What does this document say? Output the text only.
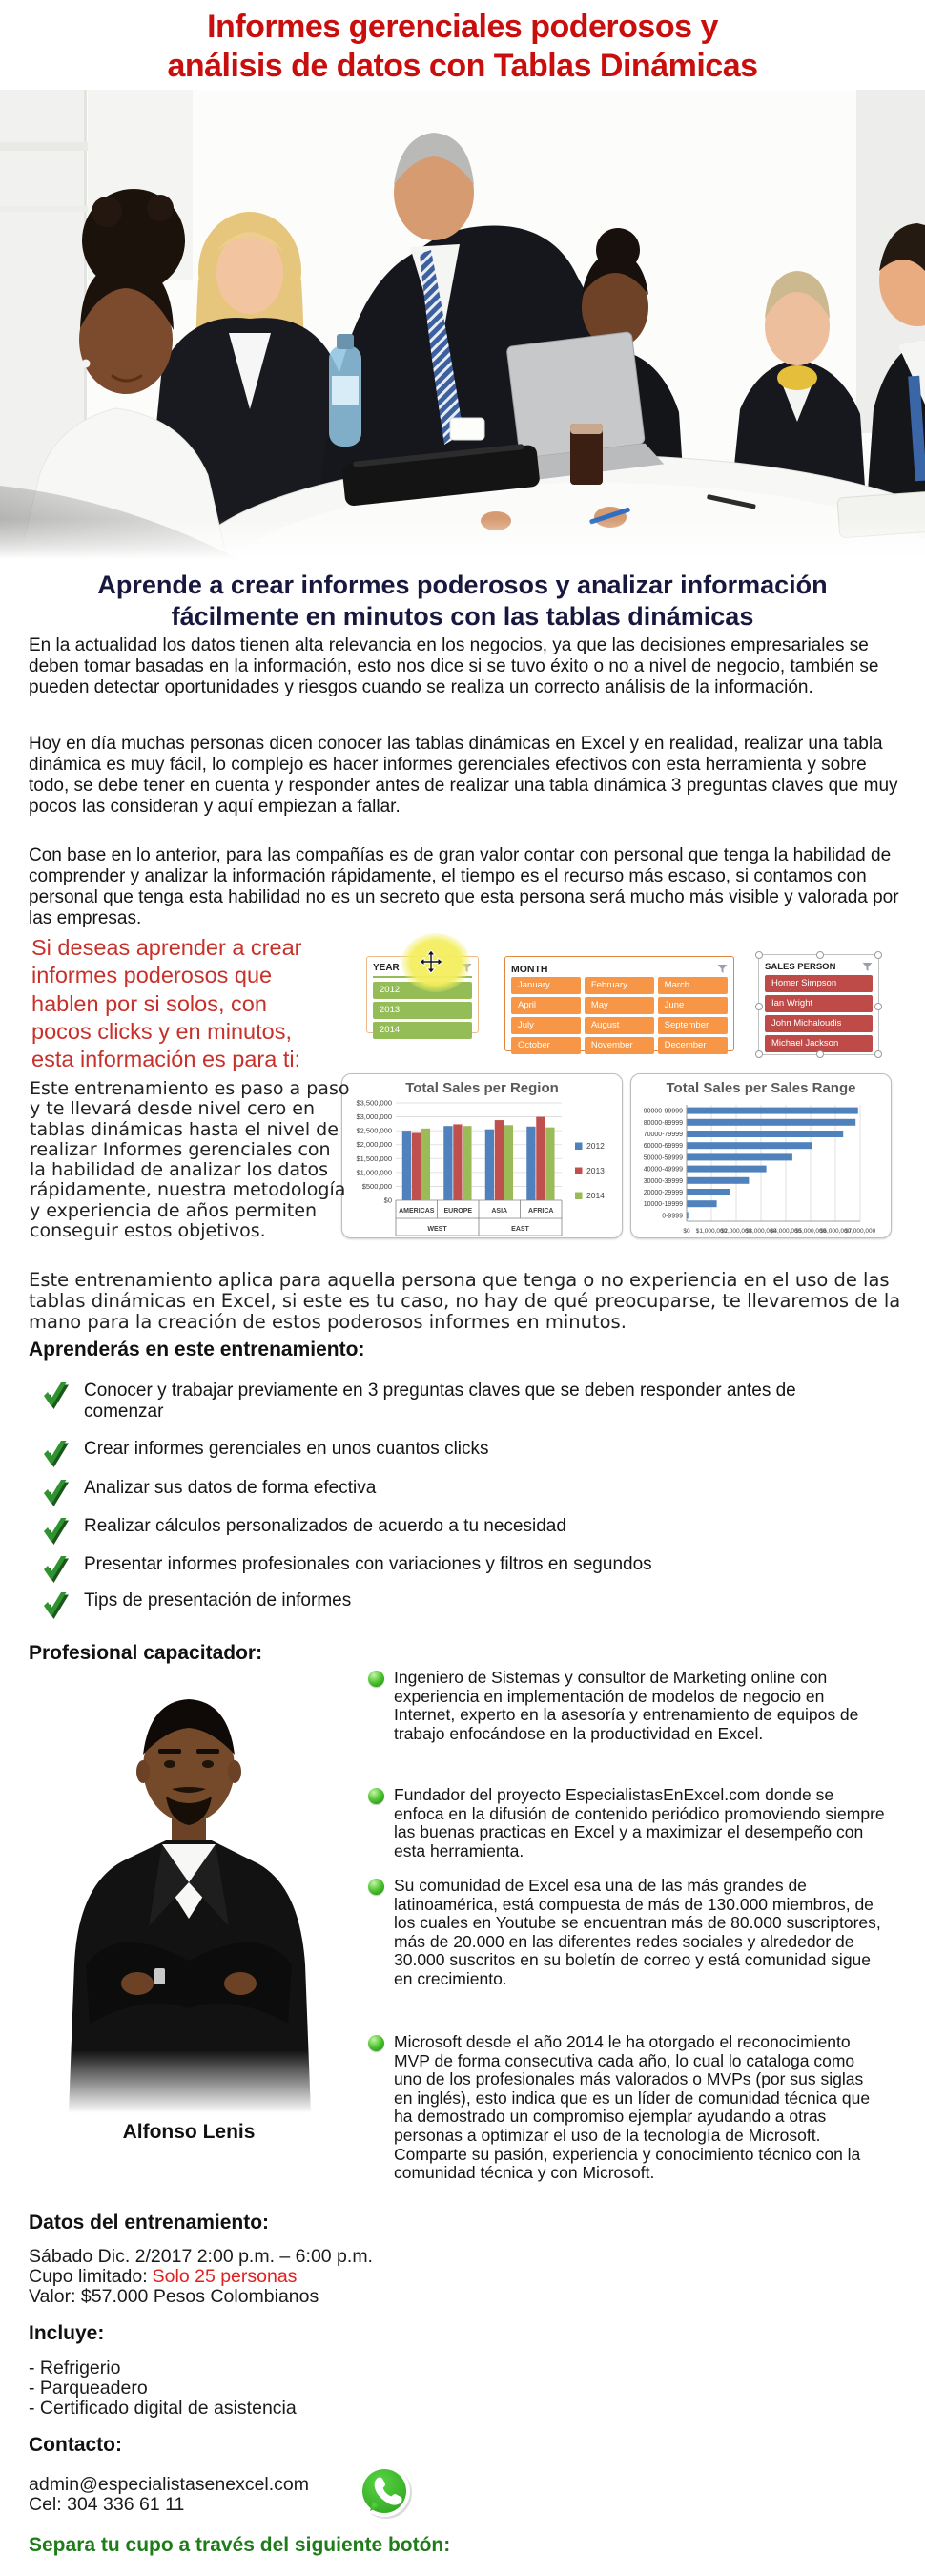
Informes gerenciales poderosos y
análisis de datos con Tablas Dinámicas
Aprende a crear informes poderosos y analizar información
fácilmente en minutos con las tablas dinámicas
En la actualidad los datos tienen alta relevancia en los negocios, ya que las decisiones empresariales se deben tomar basadas en la información, esto nos dice si se tuvo éxito o no a nivel de negocio, también se pueden detectar oportunidades y riesgos cuando se realiza un correcto análisis de la información.
Hoy en día muchas personas dicen conocer las tablas dinámicas en Excel y en realidad, realizar una tabla dinámica es muy fácil, lo complejo es hacer informes gerenciales efectivos con esta herramienta y sobre todo, se debe tener en cuenta y responder antes de realizar una tabla dinámica 3 preguntas claves que muy pocos las consideran y aquí empiezan a fallar.
Con base en lo anterior, para las compañías es de gran valor contar con personal que tenga la habilidad de comprender y analizar la información rápidamente, el tiempo es el recurso más escaso, si contamos con personal que tenga esta habilidad no es un secreto que esta persona será mucho más visible y valorada por las empresas.
Si deseas aprender a crear
informes poderosos que
hablen por si solos, con
pocos clicks y en minutos,
esta información es para ti:
YEAR
2012
2013
2014
MONTH
January	February	March
April	May	June
July	August	September
October	November	December
SALES PERSON
Homer Simpson
Ian Wright
John Michaloudis
Michael Jackson
Total Sales per Region
$0
$500,000
$1,000,000
$1,500,000
$2,000,000
$2,500,000
$3,000,000
$3,500,000
AMERICAS EUROPE	ASIA	AFRICA
WEST	EAST
2012
2013
2014
Total Sales per Sales Range
$0 $1,000,000
$2,000,000
$3,000,000
$4,000,000
$5,000,000
$6,000,000
$7,000,000
90000-99999
80000-89999
70000-79999
60000-69999
50000-59999
40000-49999
30000-39999
20000-29999
10000-19999
0-9999
Este entrenamiento es paso a paso y te llevará desde nivel cero en tablas dinámicas hasta el nivel de realizar Informes gerenciales con la habilidad de analizar los datos rápidamente, nuestra metodología y experiencia de años permiten conseguir estos objetivos.
Este entrenamiento aplica para aquella persona que tenga o no experiencia en el uso de las tablas dinámicas en Excel, si este es tu caso, no hay de qué preocuparse, te llevaremos de la mano para la creación de estos poderosos informes en minutos.
Aprenderás en este entrenamiento:
Conocer y trabajar previamente en 3 preguntas claves que se deben responder antes de comenzar
Crear informes gerenciales en unos cuantos clicks
Analizar sus datos de forma efectiva
Realizar cálculos personalizados de acuerdo a tu necesidad
Presentar informes profesionales con variaciones y filtros en segundos
Tips de presentación de informes
Profesional capacitador:
Alfonso Lenis
Ingeniero de Sistemas y consultor de Marketing online con experiencia en implementación de modelos de negocio en Internet, experto en la asesoría y entrenamiento de equipos de trabajo enfocándose en la productividad en Excel.
Fundador del proyecto EspecialistasEnExcel.com donde se enfoca en la difusión de contenido periódico promoviendo siempre las buenas practicas en Excel y a maximizar el desempeño con esta herramienta.
Su comunidad de Excel esa una de las más grandes de latinoamérica, está compuesta de más de 130.000 miembros, de los cuales en Youtube se encuentran más de 80.000 suscriptores, más de 20.000 en las diferentes redes sociales y alrededor de 30.000 suscritos en su boletín de correo y está comunidad sigue en crecimiento.
Microsoft desde el año 2014 le ha otorgado el reconocimiento MVP de forma consecutiva cada año, lo cual lo cataloga como uno de los profesionales más valorados o MVPs (por sus siglas en inglés), esto indica que es un líder de comunidad técnica que ha demostrado un compromiso ejemplar ayudando a otras personas a optimizar el uso de la tecnología de Microsoft. Comparte su pasión, experiencia y conocimiento técnico con la comunidad técnica y con Microsoft.
Datos del entrenamiento:
Sábado Dic. 2/2017 2:00 p.m. – 6:00 p.m.
Cupo limitado: Solo 25 personas
Valor: $57.000 Pesos Colombianos
Incluye:
- Refrigerio
- Parqueadero
- Certificado digital de asistencia
Contacto:
admin@especialistasenexcel.com
Cel: 304 336 61 11
Separa tu cupo a través del siguiente botón:
